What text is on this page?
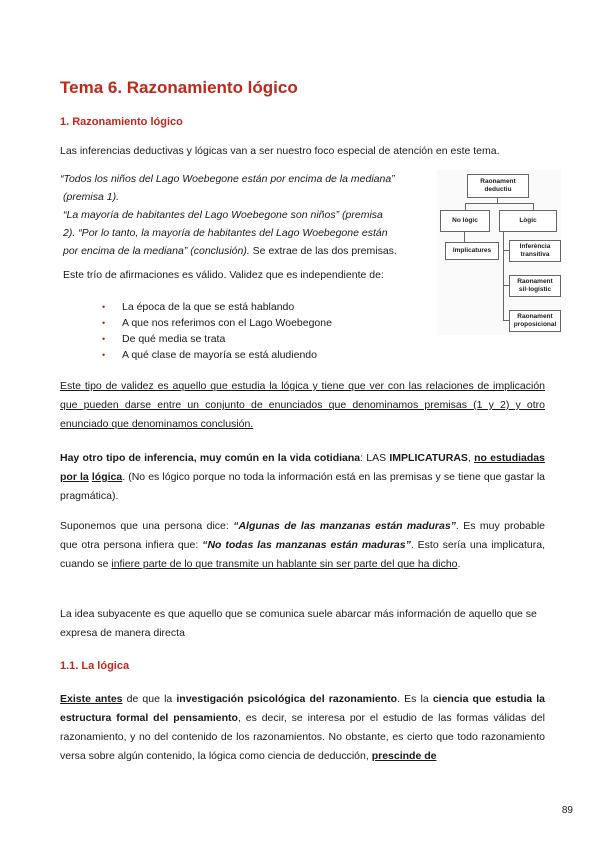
Tema 6. Razonamiento lógico
1. Razonamiento lógico
Las inferencias deductivas y lógicas van a ser nuestro foco especial de atención en este tema.
“Todos los niños del Lago Woebegone están por encima de la mediana”
(premisa 1).
“La mayoría de habitantes del Lago Woebegone son niños” (premisa
2). “Por lo tanto, la mayoría de habitantes del Lago Woebegone están
por encima de la mediana” (conclusión). Se extrae de las dos premisas.
Este trío de afirmaciones es válido. Validez que es independiente de:
• La época de la que se está hablando
• A que nos referimos con el Lago Woebegone
• De qué media se trata
• A qué clase de mayoría se está aludiendo
Raonament deductiu
No lògic	Lògic
Implicatures
Inferència transitiva
Raonament sil·logístic
Raonament proposicional
Este tipo de validez es aquello que estudia la lógica y tiene que ver con las relaciones de implicación que pueden darse entre un conjunto de enunciados que denominamos premisas (1 y 2) y otro enunciado que denominamos conclusión.
Hay otro tipo de inferencia, muy común en la vida cotidiana: LAS IMPLICATURAS, no estudiadas por la lógica. (No es lógico porque no toda la información está en las premisas y se tiene que gastar la pragmática).
Suponemos que una persona dice: “Algunas de las manzanas están maduras”. Es muy probable que otra persona infiera que: “No todas las manzanas están maduras”. Esto sería una implicatura, cuando se infiere parte de lo que transmite un hablante sin ser parte del que ha dicho.
La idea subyacente es que aquello que se comunica suele abarcar más información de aquello que se expresa de manera directa
1.1. La lógica
Existe antes de que la investigación psicológica del razonamiento. Es la ciencia que estudia la estructura formal del pensamiento, es decir, se interesa por el estudio de las formas válidas del razonamiento, y no del contenido de los razonamientos. No obstante, es cierto que todo razonamiento versa sobre algún contenido, la lógica como ciencia de deducción, prescinde de
89
